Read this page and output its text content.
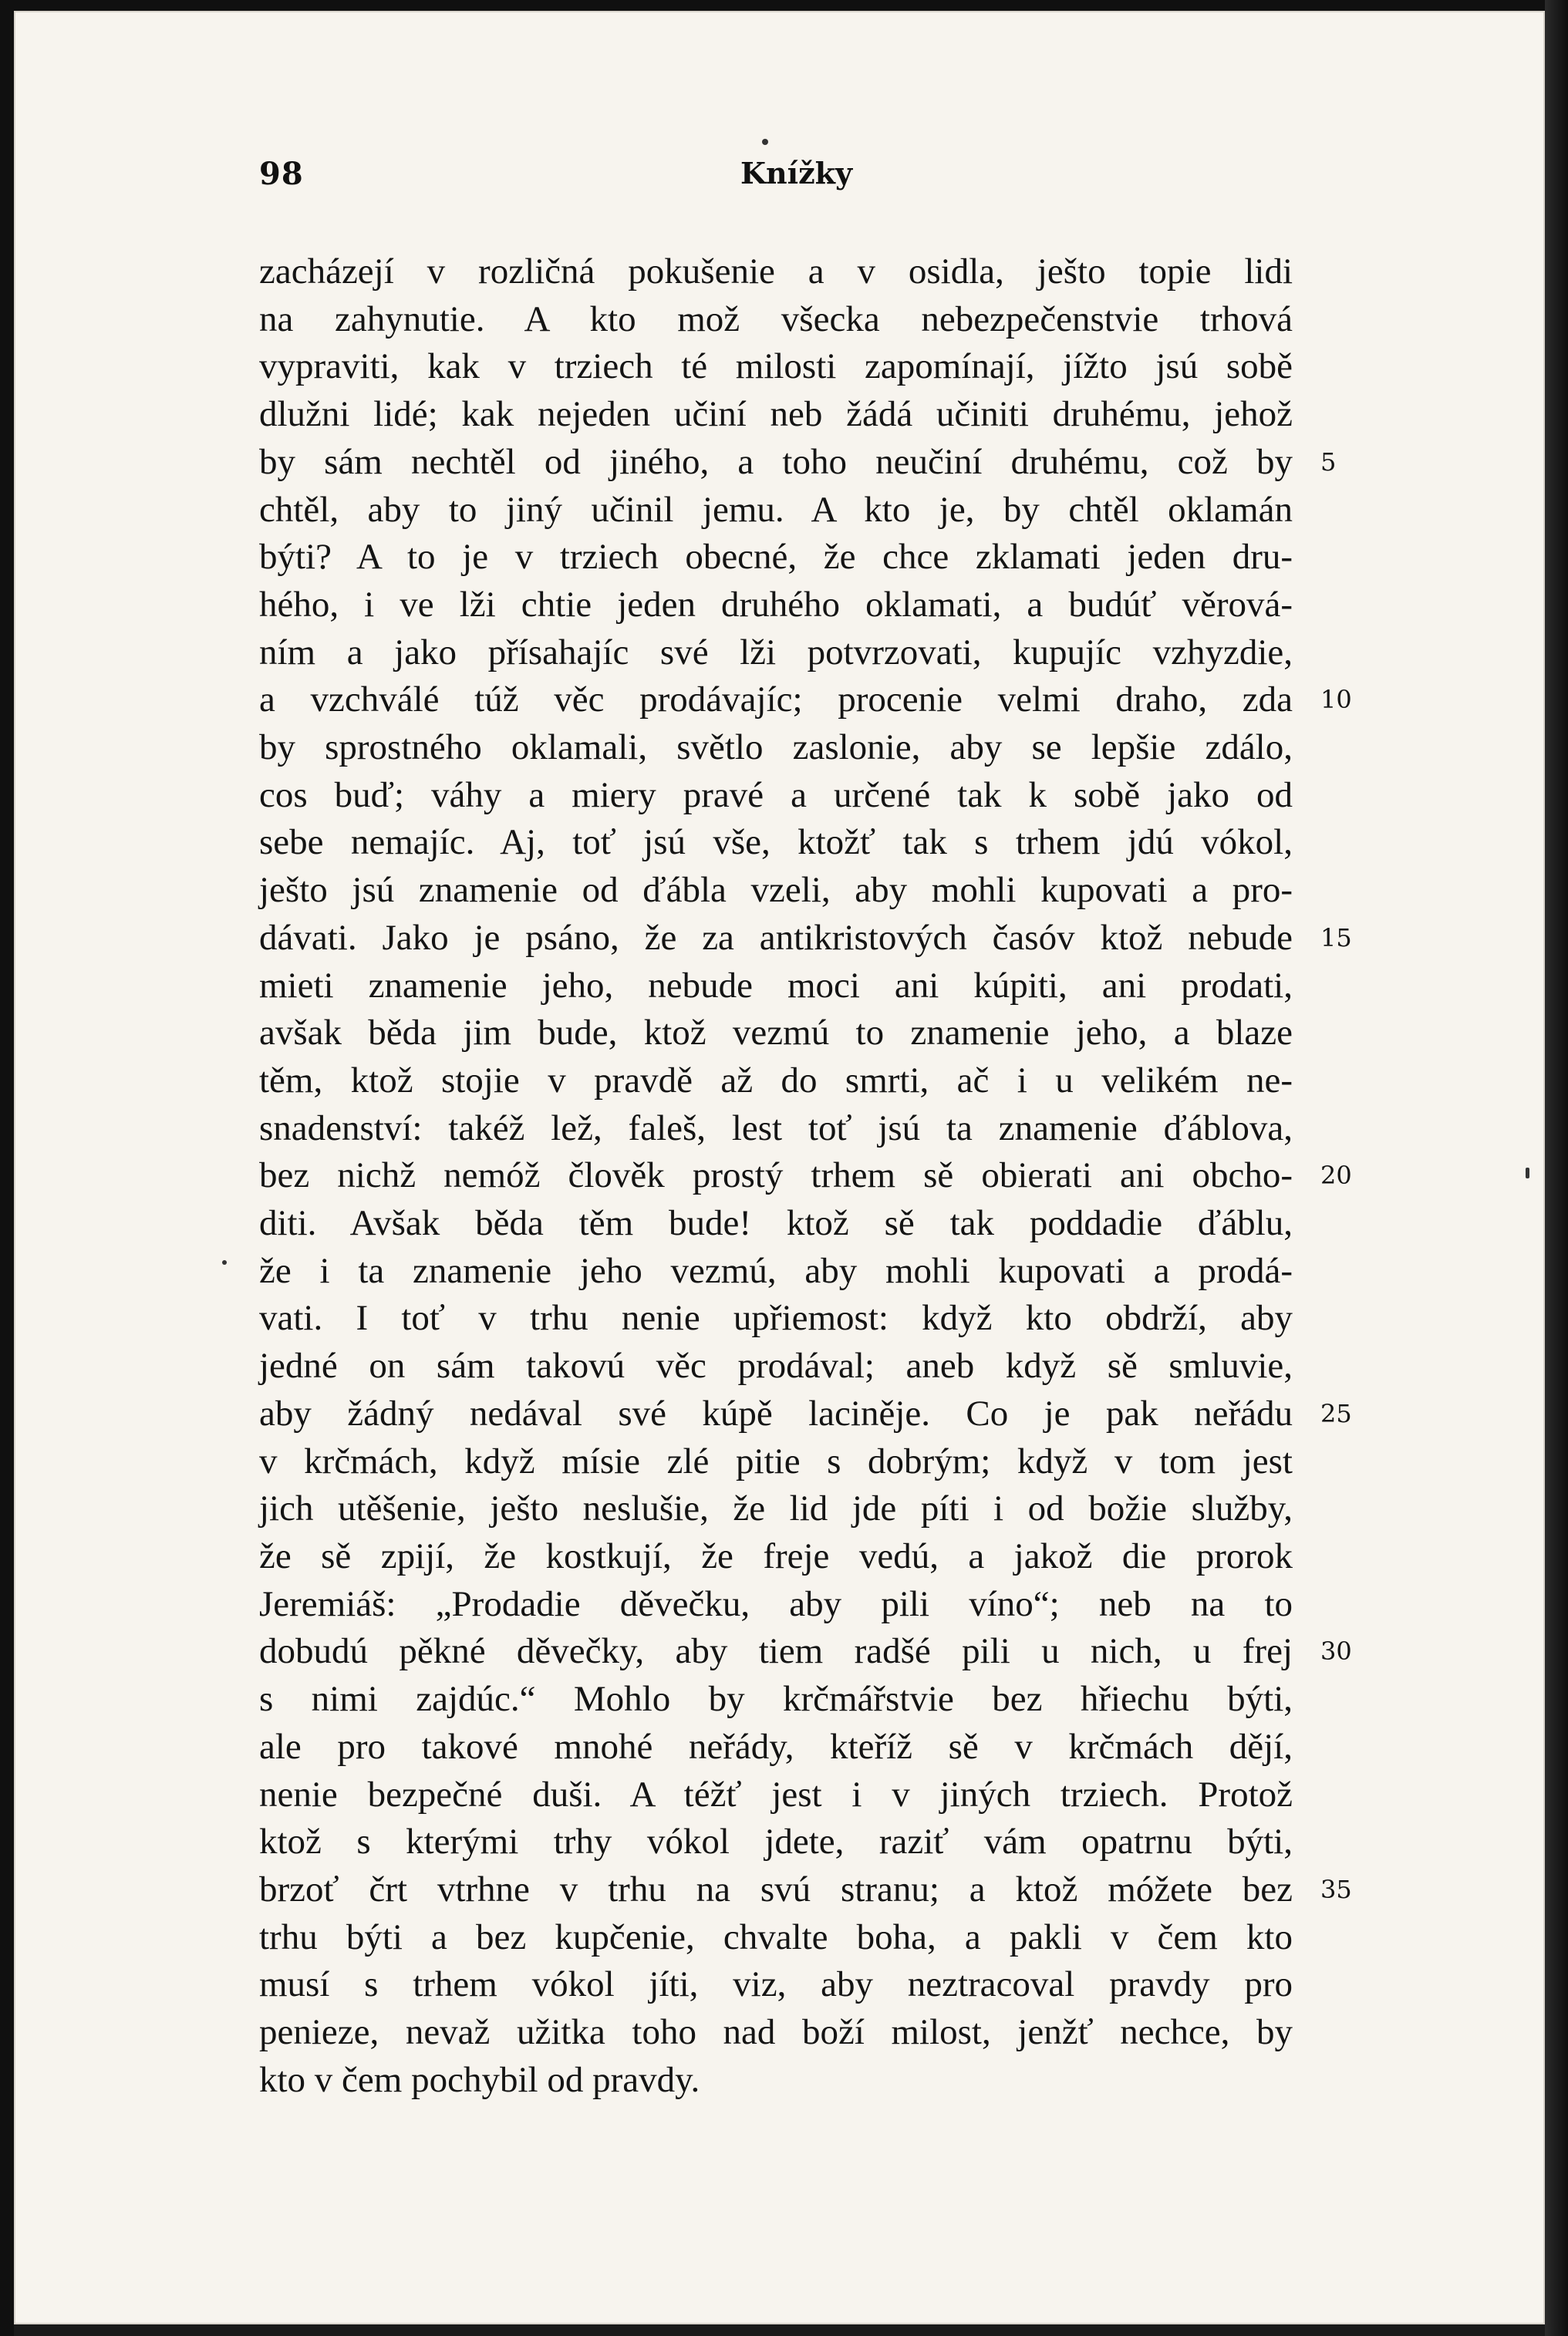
98	Knížky
zacházejí v rozličná pokušenie a v osidla, ješto topie lidi
na zahynutie. A kto mož všecka nebezpečenstvie trhová
vypraviti, kak v trziech té milosti zapomínají, jížto jsú sobě
dlužni lidé; kak nejeden učiní neb žádá učiniti druhému, jehož
by sám nechtěl od jiného, a toho neučiní druhému, což by
chtěl, aby to jiný učinil jemu. A kto je, by chtěl oklamán
býti? A to je v trziech obecné, že chce zklamati jeden dru-
hého, i ve lži chtie jeden druhého oklamati, a budúť věrová-
ním a jako přísahajíc své lži potvrzovati, kupujíc vzhyzdie,
a vzchválé túž věc prodávajíc; procenie velmi draho, zda
by sprostného oklamali, světlo zaslonie, aby se lepšie zdálo,
cos buď; váhy a miery pravé a určené tak k sobě jako od
sebe nemajíc. Aj, toť jsú vše, ktožť tak s trhem jdú vókol,
ješto jsú znamenie od ďábla vzeli, aby mohli kupovati a pro-
dávati. Jako je psáno, že za antikristových časóv ktož nebude
mieti znamenie jeho, nebude moci ani kúpiti, ani prodati,
avšak běda jim bude, ktož vezmú to znamenie jeho, a blaze
těm, ktož stojie v pravdě až do smrti, ač i u velikém ne-
snadenství: takéž lež, faleš, lest toť jsú ta znamenie ďáblova,
bez nichž nemóž člověk prostý trhem sě obierati ani obcho-
diti. Avšak běda těm bude! ktož sě tak poddadie ďáblu,
že i ta znamenie jeho vezmú, aby mohli kupovati a prodá-
vati. I toť v trhu nenie upřiemost: když kto obdrží, aby
jedné on sám takovú věc prodával; aneb když sě smluvie,
aby žádný nedával své kúpě laciněje. Co je pak neřádu
v krčmách, když mísie zlé pitie s dobrým; když v tom jest
jich utěšenie, ješto neslušie, že lid jde píti i od božie služby,
že sě zpijí, že kostkují, že freje vedú, a jakož die prorok
Jeremiáš: „Prodadie děvečku, aby pili víno“; neb na to
dobudú pěkné děvečky, aby tiem radšé pili u nich, u frej
s nimi zajdúc.“ Mohlo by krčmářstvie bez hřiechu býti,
ale pro takové mnohé neřády, kteříž sě v krčmách dějí,
nenie bezpečné duši. A téžť jest i v jiných trziech. Protož
ktož s kterými trhy vókol jdete, raziť vám opatrnu býti,
brzoť črt vtrhne v trhu na svú stranu; a ktož móžete bez
trhu býti a bez kupčenie, chvalte boha, a pakli v čem kto
musí s trhem vókol jíti, viz, aby neztracoval pravdy pro
penieze, nevaž užitka toho nad boží milost, jenžť nechce, by
kto v čem pochybil od pravdy.
5
10
15
20
25
30
35
